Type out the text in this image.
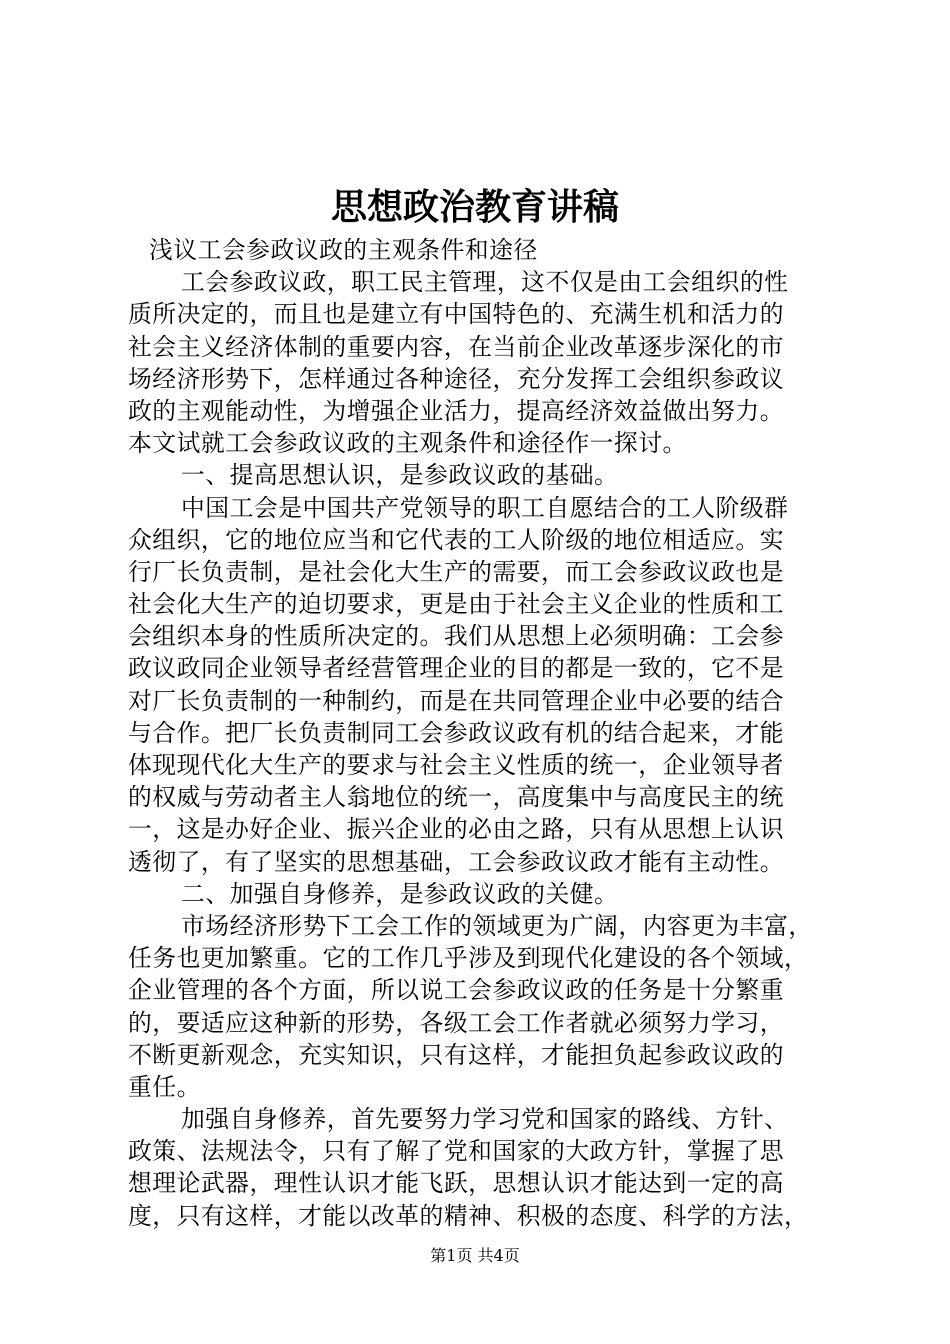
思想政治教育讲稿
浅议工会参政议政的主观条件和途径
工会参政议政，职工民主管理，这不仅是由工会组织的性
质所决定的，而且也是建立有中国特色的、充满生机和活力的
社会主义经济体制的重要内容，在当前企业改革逐步深化的市
场经济形势下，怎样通过各种途径，充分发挥工会组织参政议
政的主观能动性，为增强企业活力，提高经济效益做出努力。
本文试就工会参政议政的主观条件和途径作一探讨。
一、提高思想认识，是参政议政的基础。
中国工会是中国共产党领导的职工自愿结合的工人阶级群
众组织，它的地位应当和它代表的工人阶级的地位相适应。实
行厂长负责制，是社会化大生产的需要，而工会参政议政也是
社会化大生产的迫切要求，更是由于社会主义企业的性质和工
会组织本身的性质所决定的。我们从思想上必须明确：工会参
政议政同企业领导者经营管理企业的目的都是一致的，它不是
对厂长负责制的一种制约，而是在共同管理企业中必要的结合
与合作。把厂长负责制同工会参政议政有机的结合起来，才能
体现现代化大生产的要求与社会主义性质的统一，企业领导者
的权威与劳动者主人翁地位的统一，高度集中与高度民主的统
一，这是办好企业、振兴企业的必由之路，只有从思想上认识
透彻了，有了坚实的思想基础，工会参政议政才能有主动性。
二、加强自身修养，是参政议政的关健。
市场经济形势下工会工作的领域更为广阔，内容更为丰富，
任务也更加繁重。它的工作几乎涉及到现代化建设的各个领域，
企业管理的各个方面，所以说工会参政议政的任务是十分繁重
的，要适应这种新的形势，各级工会工作者就必须努力学习，
不断更新观念，充实知识，只有这样，才能担负起参政议政的
重任。
加强自身修养，首先要努力学习党和国家的路线、方针、
政策、法规法令，只有了解了党和国家的大政方针，掌握了思
想理论武器，理性认识才能飞跃，思想认识才能达到一定的高
度，只有这样，才能以改革的精神、积极的态度、科学的方法，
第1页 共4页
